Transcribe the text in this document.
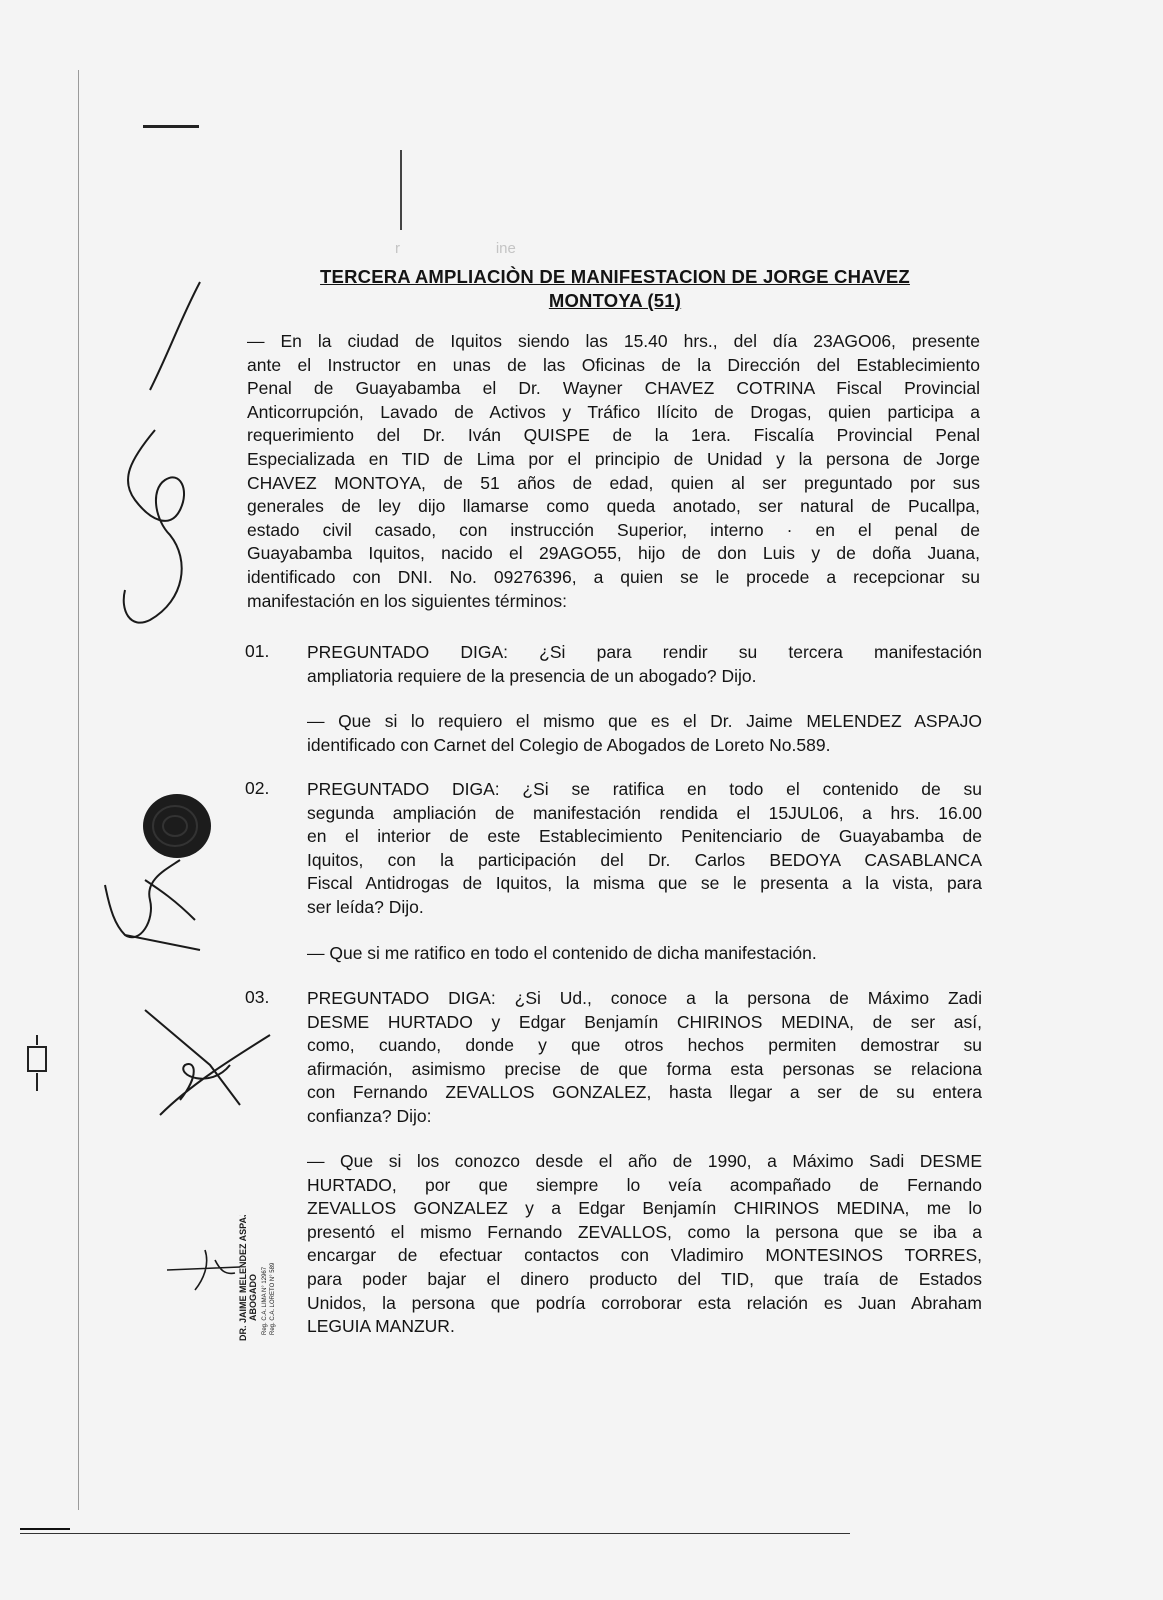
r                       ine
DR. JAIME MELENDEZ ASPAJO ABOGADO Reg. C.A. LIMA N° 12967 Reg. C.A. LORETO N° 589
TERCERA AMPLIACIÒN DE MANIFESTACION DE JORGE CHAVEZ
MONTOYA (51)
— En la ciudad de Iquitos siendo las 15.40 hrs., del día 23AGO06, presente
ante el Instructor en unas de las Oficinas de la Dirección del Establecimiento
Penal de Guayabamba el Dr. Wayner CHAVEZ COTRINA Fiscal Provincial
Anticorrupción, Lavado de Activos y Tráfico Ilícito de Drogas, quien participa a
requerimiento del Dr. Iván QUISPE de la 1era. Fiscalía Provincial Penal
Especializada en TID de Lima por el principio de Unidad y la persona de Jorge
CHAVEZ MONTOYA, de 51 años de edad, quien al ser preguntado por sus
generales de ley dijo llamarse como queda anotado, ser natural de Pucallpa,
estado civil casado, con instrucción Superior, interno · en el penal de
Guayabamba Iquitos, nacido el 29AGO55, hijo de don Luis y de doña Juana,
identificado con DNI. No. 09276396, a quien se le procede a recepcionar su
manifestación en los siguientes términos:
01. PREGUNTADO DIGA: ¿Si para rendir su tercera manifestación
ampliatoria requiere de la presencia de un abogado? Dijo.
— Que si lo requiero el mismo que es el Dr. Jaime MELENDEZ ASPAJO
identificado con Carnet del Colegio de Abogados de Loreto No.589.
02. PREGUNTADO DIGA: ¿Si se ratifica en todo el contenido de su
segunda ampliación de manifestación rendida el 15JUL06, a hrs. 16.00
en el interior de este Establecimiento Penitenciario de Guayabamba de
Iquitos, con la participación del Dr. Carlos BEDOYA CASABLANCA
Fiscal Antidrogas de Iquitos, la misma que se le presenta a la vista, para
ser leída? Dijo.
— Que si me ratifico en todo el contenido de dicha manifestación.
03. PREGUNTADO DIGA: ¿Si Ud., conoce a la persona de Máximo Zadi
DESME HURTADO y Edgar Benjamín CHIRINOS MEDINA, de ser así,
como, cuando, donde y que otros hechos permiten demostrar su
afirmación, asimismo precise de que forma esta personas se relaciona
con Fernando ZEVALLOS GONZALEZ, hasta llegar a ser de su entera
confianza? Dijo:
— Que si los conozco desde el año de 1990, a Máximo Sadi DESME
HURTADO, por que siempre lo veía acompañado de Fernando
ZEVALLOS GONZALEZ y a Edgar Benjamín CHIRINOS MEDINA, me lo
presentó el mismo Fernando ZEVALLOS, como la persona que se iba a
encargar de efectuar contactos con Vladimiro MONTESINOS TORRES,
para poder bajar el dinero producto del TID, que traía de Estados
Unidos, la persona que podría corroborar esta relación es Juan Abraham
LEGUIA MANZUR.
